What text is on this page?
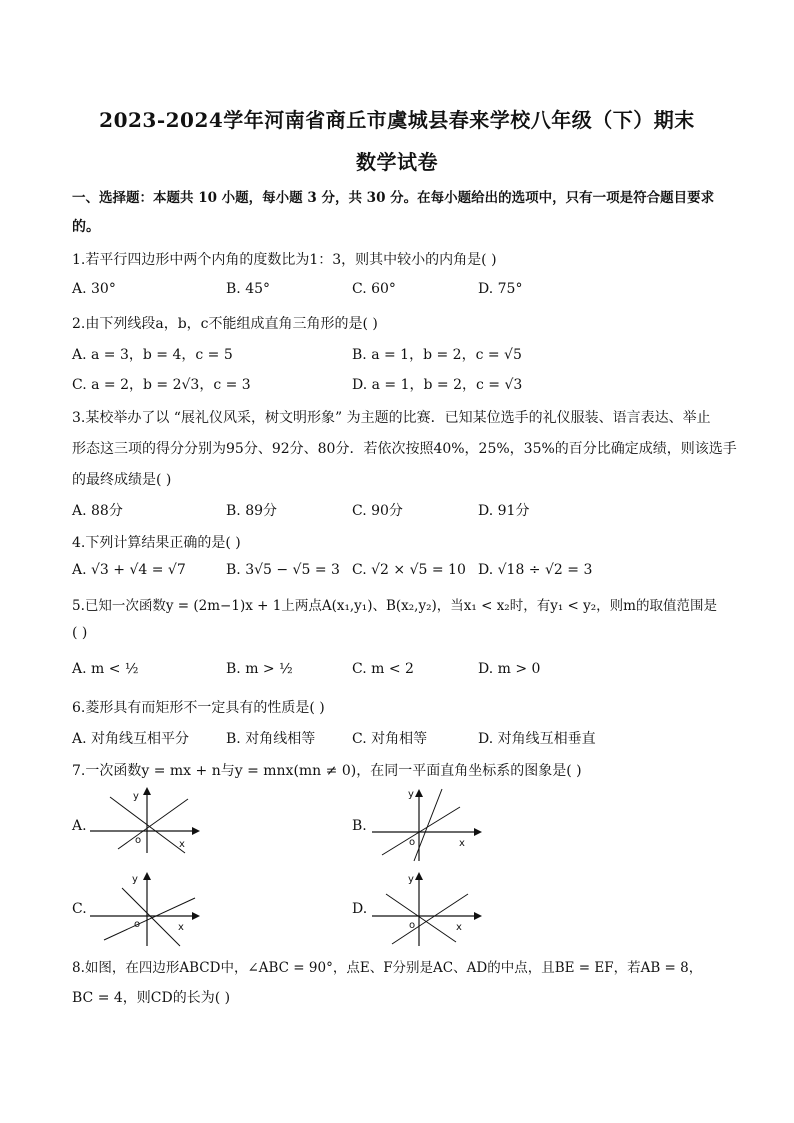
2023-2024学年河南省商丘市虞城县春来学校八年级（下）期末
数学试卷
一、选择题：本题共 10 小题，每小题 3 分，共 30 分。在每小题给出的选项中，只有一项是符合题目要求
的。
1.若平行四边形中两个内角的度数比为1：3，则其中较小的内角是( )
A. 30°	B. 45°	C. 60°	D. 75°
2.由下列线段a，b，c不能组成直角三角形的是( )
A. a = 3，b = 4，c = 5	B. a = 1，b = 2，c = √5
C. a = 2，b = 2√3，c = 3	D. a = 1，b = 2，c = √3
3.某校举办了以 “展礼仪风采，树文明形象” 为主题的比赛．已知某位选手的礼仪服装、语言表达、举止
形态这三项的得分分别为95分、92分、80分．若依次按照40%，25%，35%的百分比确定成绩，则该选手
的最终成绩是( )
A. 88分	B. 89分	C. 90分	D. 91分
4.下列计算结果正确的是( )
A. √3 + √4 = √7	B. 3√5 − √5 = 3 C. √2 × √5 = 10 D. √18 ÷ √2 = 3
5.已知一次函数y = (2m−1)x + 1上两点A(x₁,y₁)、B(x₂,y₂)，当x₁ < x₂时，有y₁ < y₂，则m的取值范围是
( )
A. m < ½	B. m > ½	C. m < 2	D. m > 0
6.菱形具有而矩形不一定具有的性质是( )
A. 对角线互相平分	B. 对角线相等	C. 对角相等	D. 对角线互相垂直
7.一次函数y = mx + n与y = mnx(mn ≠ 0)，在同一平面直角坐标系的图象是( )
A.
y
o	x
B.
y
o	x
C.
y
o	x
D.
y
o	x
8.如图，在四边形ABCD中，∠ABC = 90°，点E、F分别是AC、AD的中点，且BE = EF，若AB = 8，
BC = 4，则CD的长为( )
